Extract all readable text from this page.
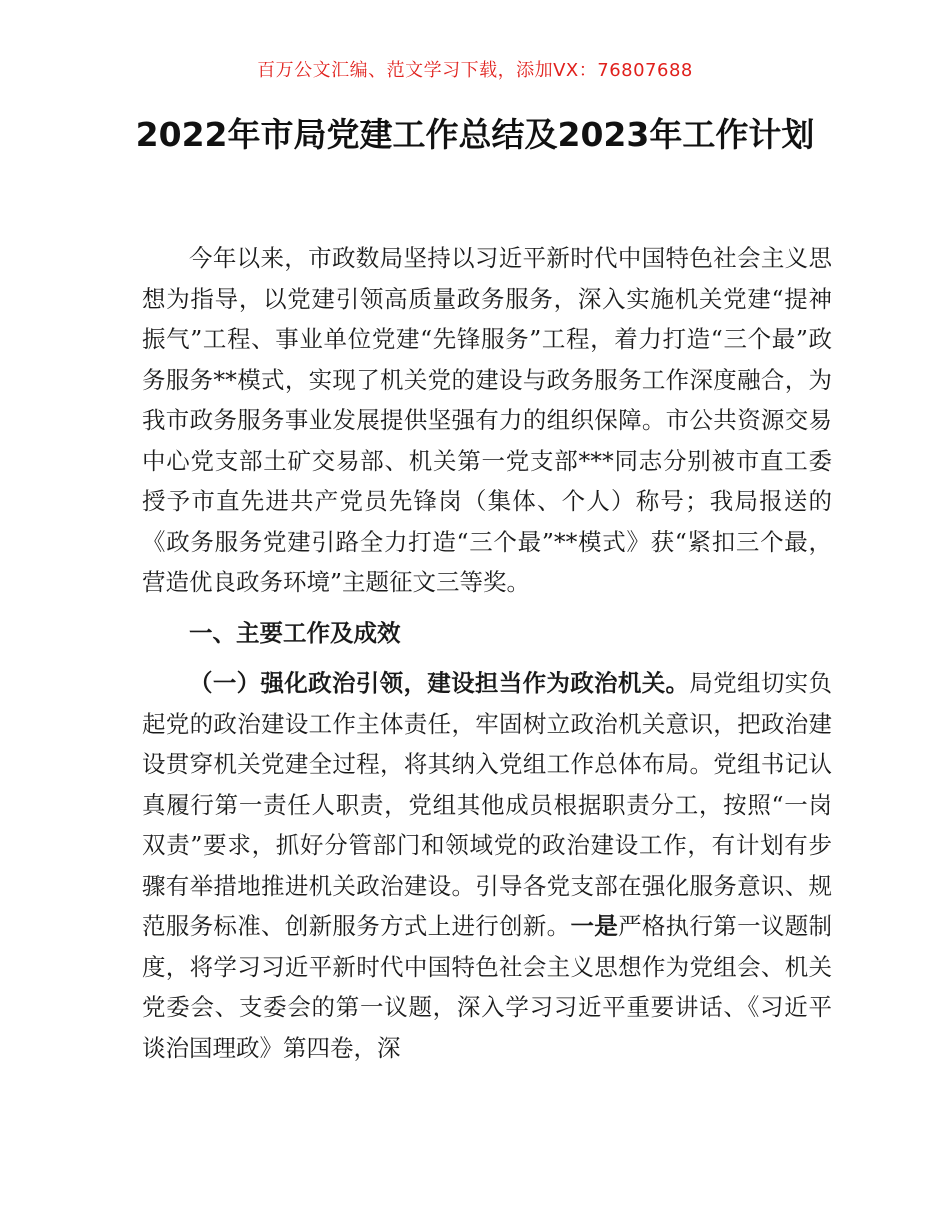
百万公文汇编、范文学习下载，添加VX：76807688
2022年市局党建工作总结及2023年工作计划

今年以来，市政数局坚持以习近平新时代中国特色社会主义思想为指导，以党建引领高质量政务服务，深入实施机关党建“提神振气”工程、事业单位党建“先锋服务”工程，着力打造“三个最”政务服务**模式，实现了机关党的建设与政务服务工作深度融合，为我市政务服务事业发展提供坚强有力的组织保障。市公共资源交易中心党支部土矿交易部、机关第一党支部***同志分别被市直工委授予市直先进共产党员先锋岗（集体、个人）称号；我局报送的《政务服务党建引路全力打造“三个最”**模式》获“紧扣三个最，营造优良政务环境”主题征文三等奖。

一、主要工作及成效

（一）强化政治引领，建设担当作为政治机关。局党组切实负起党的政治建设工作主体责任，牢固树立政治机关意识，把政治建设贯穿机关党建全过程，将其纳入党组工作总体布局。党组书记认真履行第一责任人职责，党组其他成员根据职责分工，按照“一岗双责”要求，抓好分管部门和领域党的政治建设工作，有计划有步骤有举措地推进机关政治建设。引导各党支部在强化服务意识、规范服务标准、创新服务方式上进行创新。一是严格执行第一议题制度，将学习习近平新时代中国特色社会主义思想作为党组会、机关党委会、支委会的第一议题，深入学习习近平重要讲话、《习近平谈治国理政》第四卷，深
